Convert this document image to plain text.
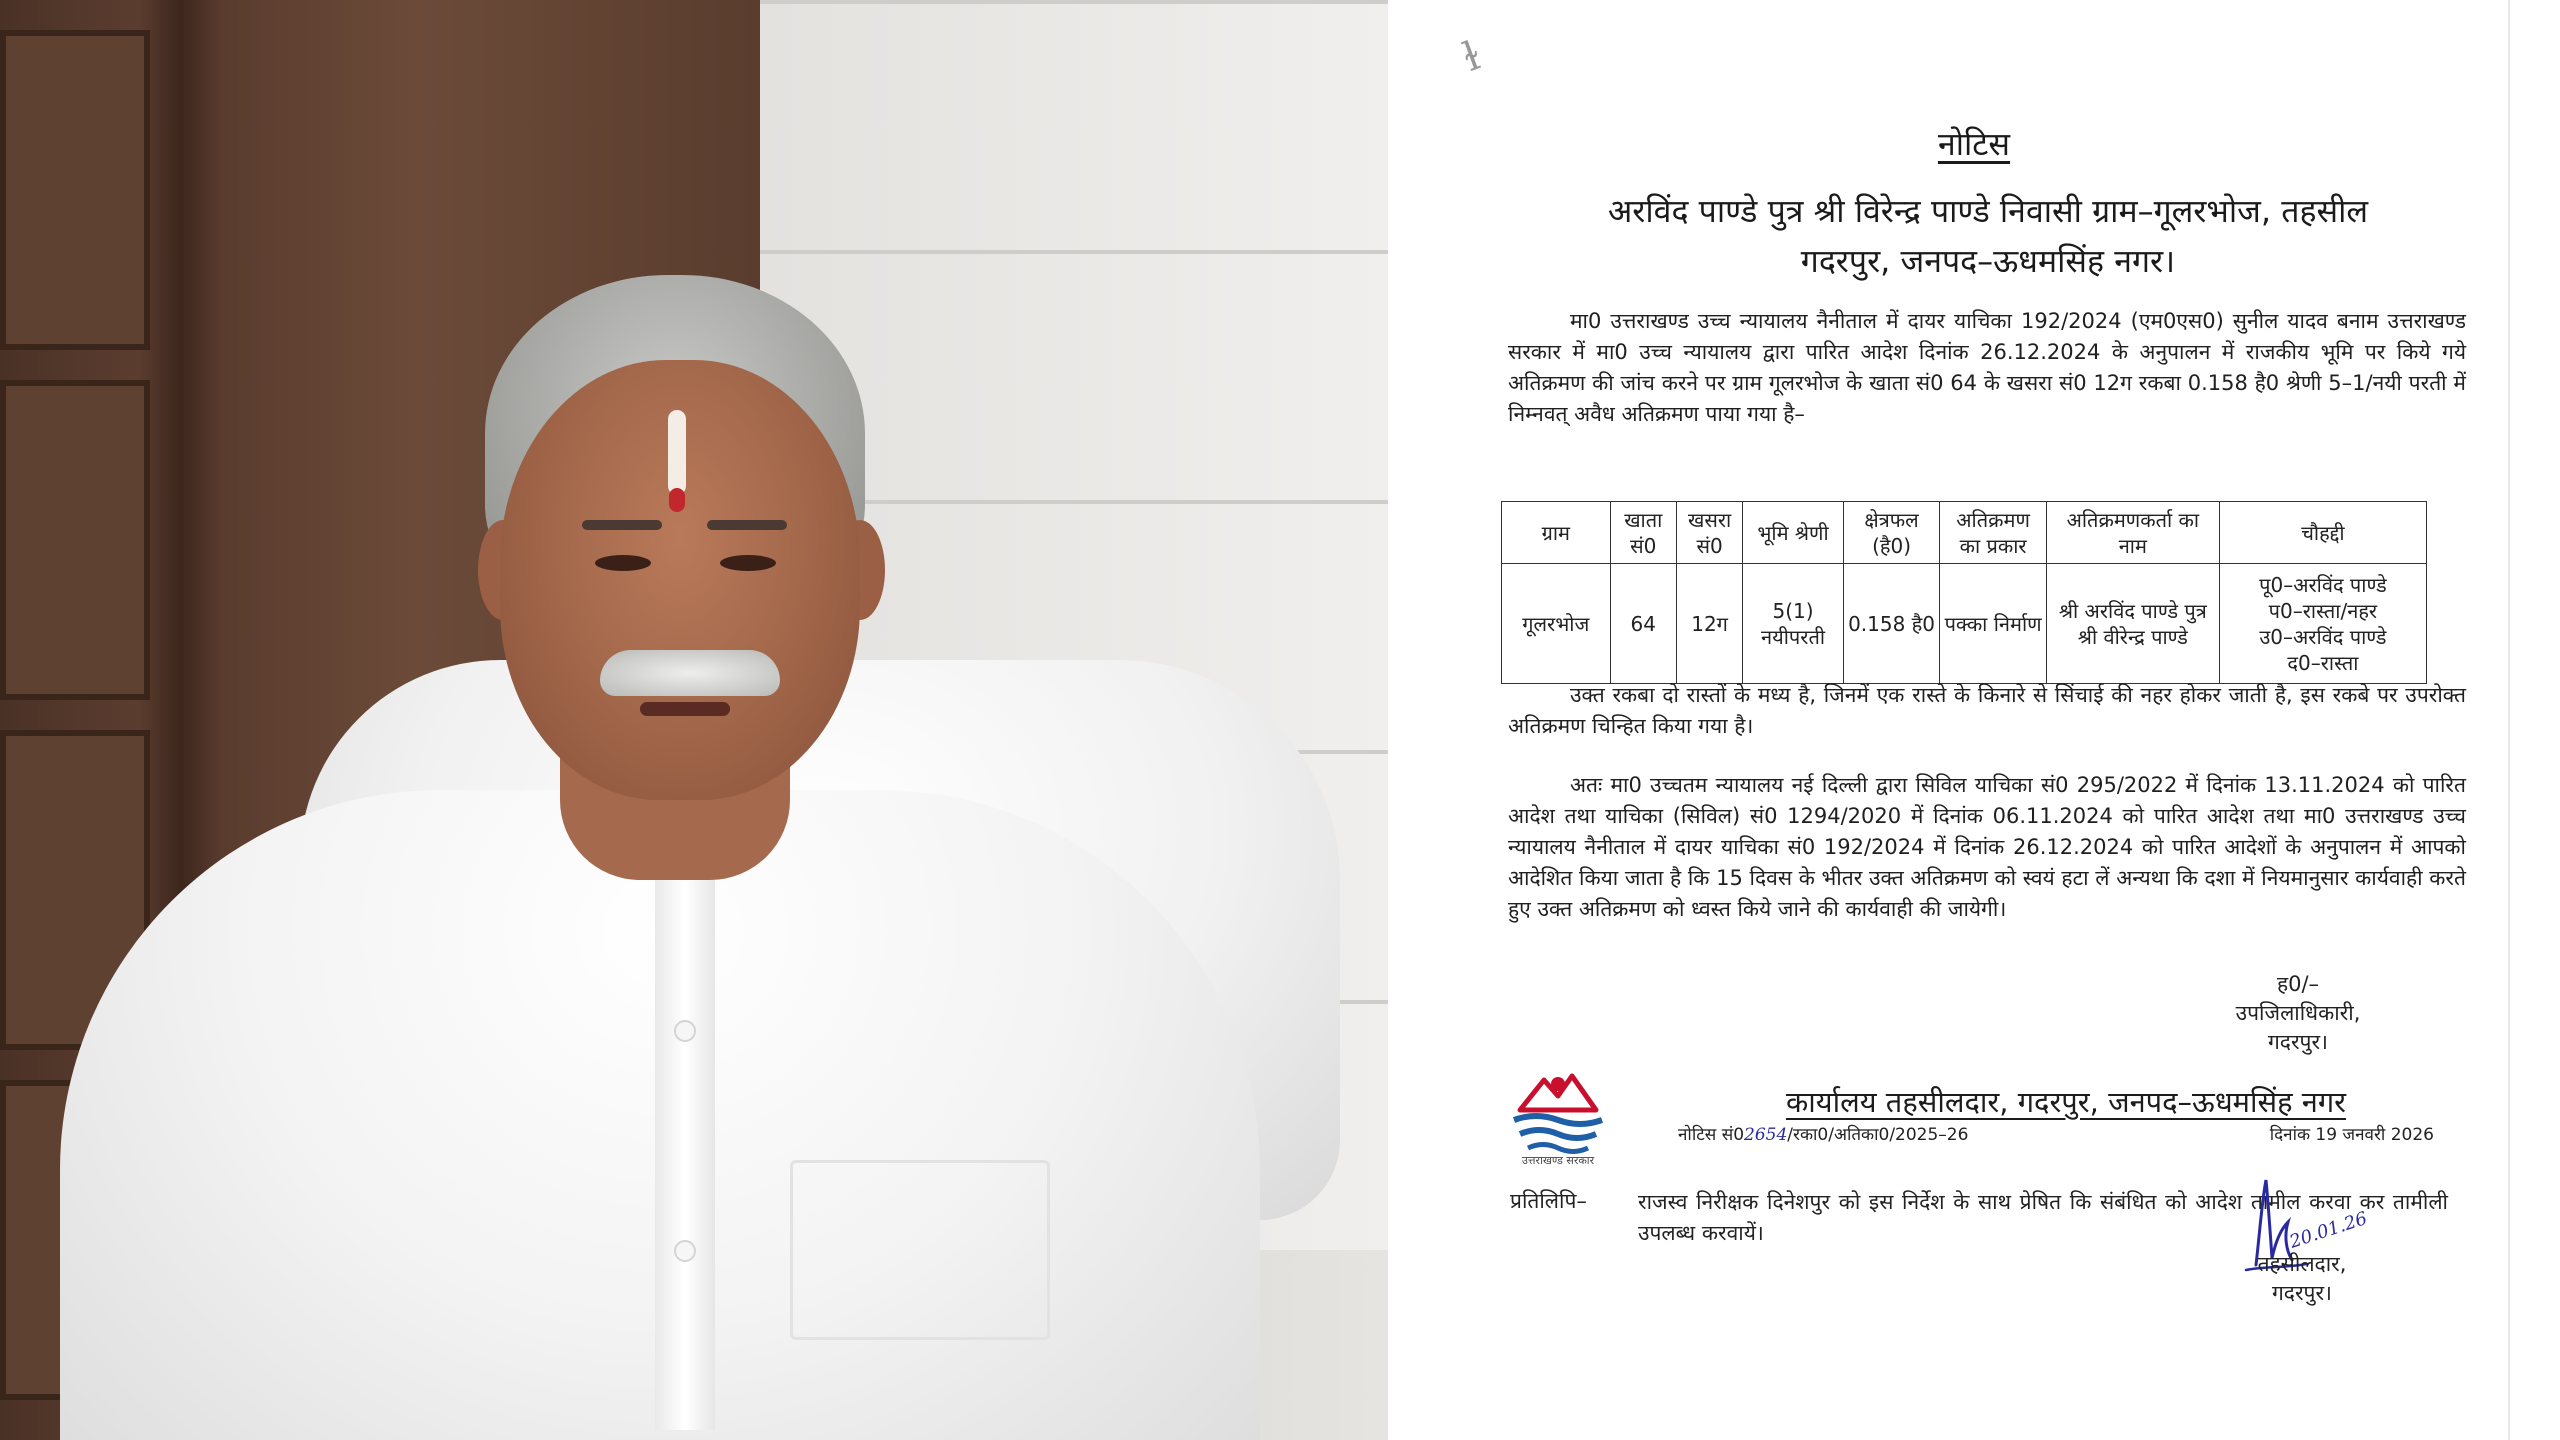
ɫ
नोटिस
अरविंद पाण्डे पुत्र श्री विरेन्द्र पाण्डे निवासी ग्राम–गूलरभोज, तहसील
गदरपुर, जनपद–ऊधमसिंह नगर।

मा0 उत्तराखण्ड उच्च न्यायालय नैनीताल में दायर याचिका 192/2024 (एम0एस0) सुनील यादव बनाम उत्तराखण्ड सरकार में मा0 उच्च न्यायालय द्वारा पारित आदेश दिनांक 26.12.2024 के अनुपालन में राजकीय भूमि पर किये गये अतिक्रमण की जांच करने पर ग्राम गूलरभोज के खाता सं0 64 के खसरा सं0 12ग रकबा 0.158 है0 श्रेणी 5–1/नयी परती में निम्नवत् अवैध अतिक्रमण पाया गया है–

ग्राम	खाता सं0	खसरा सं0	भूमि श्रेणी	क्षेत्रफल (है0)	अतिक्रमण का प्रकार	अतिक्रमणकर्ता का नाम	चौहद्दी
गूलरभोज	64	12ग	5(1) नयीपरती	0.158 है0	पक्का निर्माण	श्री अरविंद पाण्डे पुत्र श्री वीरेन्द्र पाण्डे	पू0–अरविंद पाण्डे
प0–रास्ता/नहर
उ0–अरविंद पाण्डे
द0–रास्ता

उक्त रकबा दो रास्तों के मध्य है, जिनमें एक रास्ते के किनारे से सिंचाई की नहर होकर जाती है, इस रकबे पर उपरोक्त अतिक्रमण चिन्हित किया गया है।

अतः मा0 उच्चतम न्यायालय नई दिल्ली द्वारा सिविल याचिका सं0 295/2022 में दिनांक 13.11.2024 को पारित आदेश तथा याचिका (सिविल) सं0 1294/2020 में दिनांक 06.11.2024 को पारित आदेश तथा मा0 उत्तराखण्ड उच्च न्यायालय नैनीताल में दायर याचिका सं0 192/2024 में दिनांक 26.12.2024 को पारित आदेशों के अनुपालन में आपको आदेशित किया जाता है कि 15 दिवस के भीतर उक्त अतिक्रमण को स्वयं हटा लें अन्यथा कि दशा में नियमानुसार कार्यवाही करते हुए उक्त अतिक्रमण को ध्वस्त किये जाने की कार्यवाही की जायेगी।

ह0/–
उपजिलाधिकारी,
गदरपुर।
उत्तराखण्ड सरकार
कार्यालय तहसीलदार, गदरपुर, जनपद–ऊधमसिंह नगर
नोटिस सं02654/रका0/अतिका0/2025–26	दिनांक 19 जनवरी 2026
प्रतिलिपि– राजस्व निरीक्षक दिनेशपुर को इस निर्देश के साथ प्रेषित कि संबंधित को आदेश तामील करवा कर तामीली उपलब्ध करवायें।	20.01.26
तहसीलदार,
गदरपुर।
